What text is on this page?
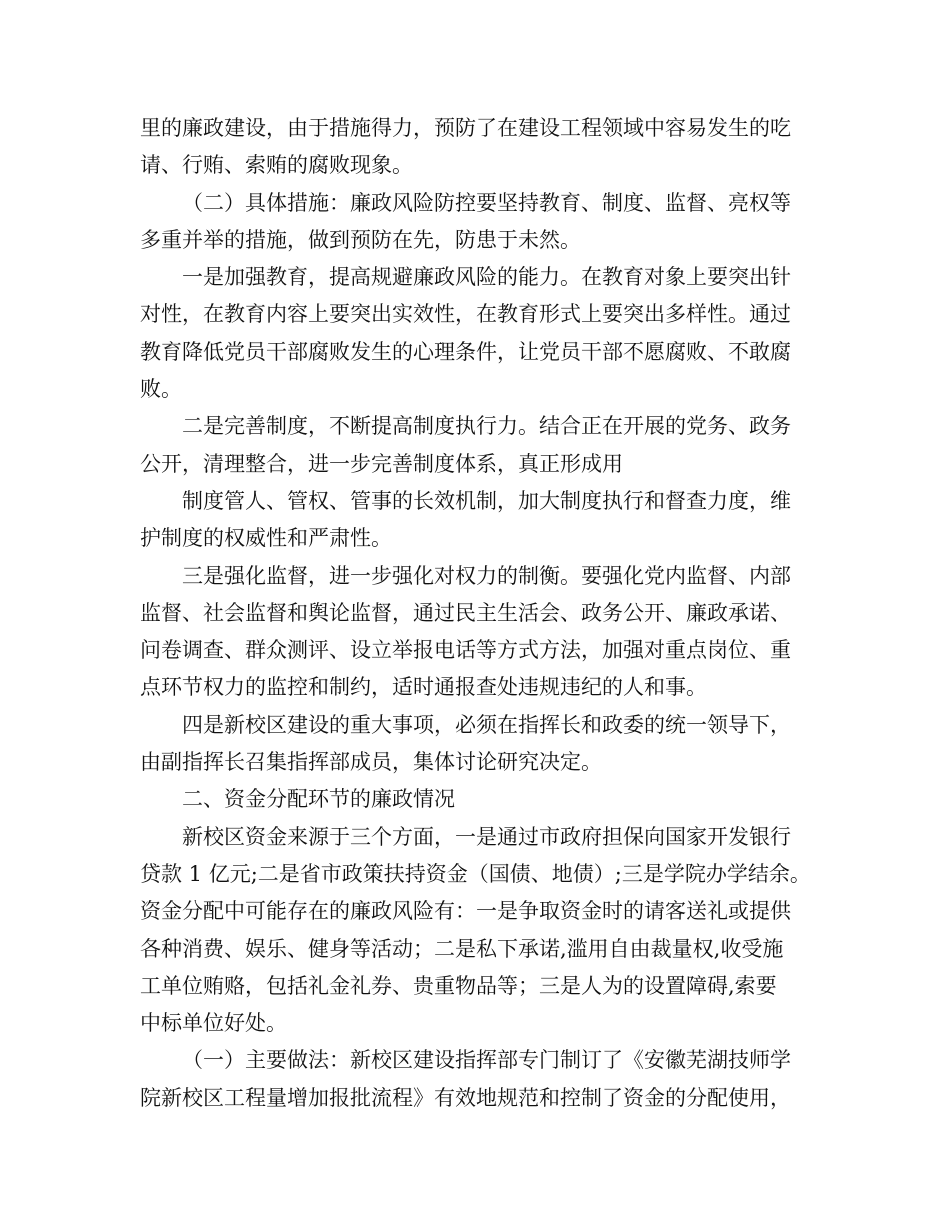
里的廉政建设，由于措施得力，预防了在建设工程领域中容易发生的吃
请、行贿、索贿的腐败现象。
（二）具体措施：廉政风险防控要坚持教育、制度、监督、亮权等
多重并举的措施，做到预防在先，防患于未然。
一是加强教育，提高规避廉政风险的能力。在教育对象上要突出针
对性，在教育内容上要突出实效性，在教育形式上要突出多样性。通过
教育降低党员干部腐败发生的心理条件，让党员干部不愿腐败、不敢腐
败。
二是完善制度，不断提高制度执行力。结合正在开展的党务、政务
公开，清理整合，进一步完善制度体系，真正形成用
制度管人、管权、管事的长效机制，加大制度执行和督查力度，维
护制度的权威性和严肃性。
三是强化监督，进一步强化对权力的制衡。要强化党内监督、内部
监督、社会监督和舆论监督，通过民主生活会、政务公开、廉政承诺、
问卷调查、群众测评、设立举报电话等方式方法，加强对重点岗位、重
点环节权力的监控和制约，适时通报查处违规违纪的人和事。
四是新校区建设的重大事项，必须在指挥长和政委的统一领导下，
由副指挥长召集指挥部成员，集体讨论研究决定。
二、资金分配环节的廉政情况
新校区资金来源于三个方面，一是通过市政府担保向国家开发银行
贷款 1 亿元;二是省市政策扶持资金（国债、地债）;三是学院办学结余。
资金分配中可能存在的廉政风险有：一是争取资金时的请客送礼或提供
各种消费、娱乐、健身等活动；二是私下承诺,滥用自由裁量权,收受施
工单位贿赂，包括礼金礼券、贵重物品等；三是人为的设置障碍,索要
中标单位好处。
（一）主要做法：新校区建设指挥部专门制订了《安徽芜湖技师学
院新校区工程量增加报批流程》有效地规范和控制了资金的分配使用，
